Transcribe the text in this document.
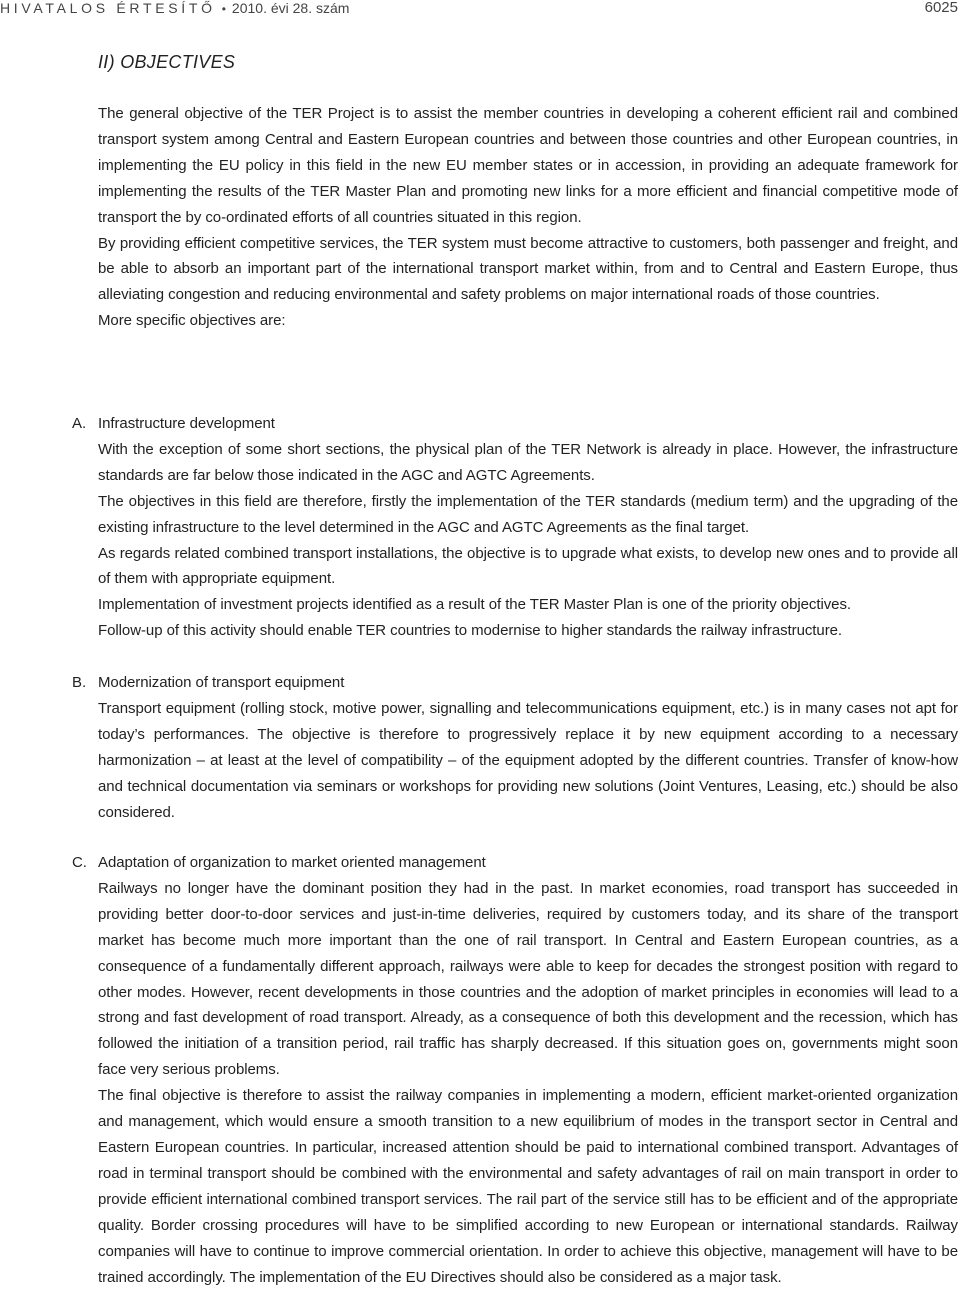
HIVATALOS ÉRTESÍTŐ • 2010. évi 28. szám	6025
II) OBJECTIVES

The general objective of the TER Project is to assist the member countries in developing a coherent efficient rail and combined transport system among Central and Eastern European countries and between those countries and other European countries, in implementing the EU policy in this field in the new EU member states or in accession, in providing an adequate framework for implementing the results of the TER Master Plan and promoting new links for a more efficient and financial competitive mode of transport the by co-ordinated efforts of all countries situated in this region.

By providing efficient competitive services, the TER system must become attractive to customers, both passenger and freight, and be able to absorb an important part of the international transport market within, from and to Central and Eastern Europe, thus alleviating congestion and reducing environmental and safety problems on major international roads of those countries.

More specific objectives are:

A. Infrastructure development

With the exception of some short sections, the physical plan of the TER Network is already in place. However, the infrastructure standards are far below those indicated in the AGC and AGTC Agreements.

The objectives in this field are therefore, firstly the implementation of the TER standards (medium term) and the upgrading of the existing infrastructure to the level determined in the AGC and AGTC Agreements as the final target.

As regards related combined transport installations, the objective is to upgrade what exists, to develop new ones and to provide all of them with appropriate equipment.

Implementation of investment projects identified as a result of the TER Master Plan is one of the priority objectives.

Follow-up of this activity should enable TER countries to modernise to higher standards the railway infrastructure.

B. Modernization of transport equipment

Transport equipment (rolling stock, motive power, signalling and telecommunications equipment, etc.) is in many cases not apt for today’s performances. The objective is therefore to progressively replace it by new equipment according to a necessary harmonization – at least at the level of compatibility – of the equipment adopted by the different countries. Transfer of know-how and technical documentation via seminars or workshops for providing new solutions (Joint Ventures, Leasing, etc.) should be also considered.

C. Adaptation of organization to market oriented management

Railways no longer have the dominant position they had in the past. In market economies, road transport has succeeded in providing better door-to-door services and just-in-time deliveries, required by customers today, and its share of the transport market has become much more important than the one of rail transport. In Central and Eastern European countries, as a consequence of a fundamentally different approach, railways were able to keep for decades the strongest position with regard to other modes. However, recent developments in those countries and the adoption of market principles in economies will lead to a strong and fast development of road transport. Already, as a consequence of both this development and the recession, which has followed the initiation of a transition period, rail traffic has sharply decreased. If this situation goes on, governments might soon face very serious problems.

The final objective is therefore to assist the railway companies in implementing a modern, efficient market-oriented organization and management, which would ensure a smooth transition to a new equilibrium of modes in the transport sector in Central and Eastern European countries. In particular, increased attention should be paid to international combined transport. Advantages of road in terminal transport should be combined with the environmental and safety advantages of rail on main transport in order to provide efficient international combined transport services. The rail part of the service still has to be efficient and of the appropriate quality. Border crossing procedures will have to be simplified according to new European or international standards. Railway companies will have to continue to improve commercial orientation. In order to achieve this objective, management will have to be trained accordingly. The implementation of the EU Directives should also be considered as a major task.
